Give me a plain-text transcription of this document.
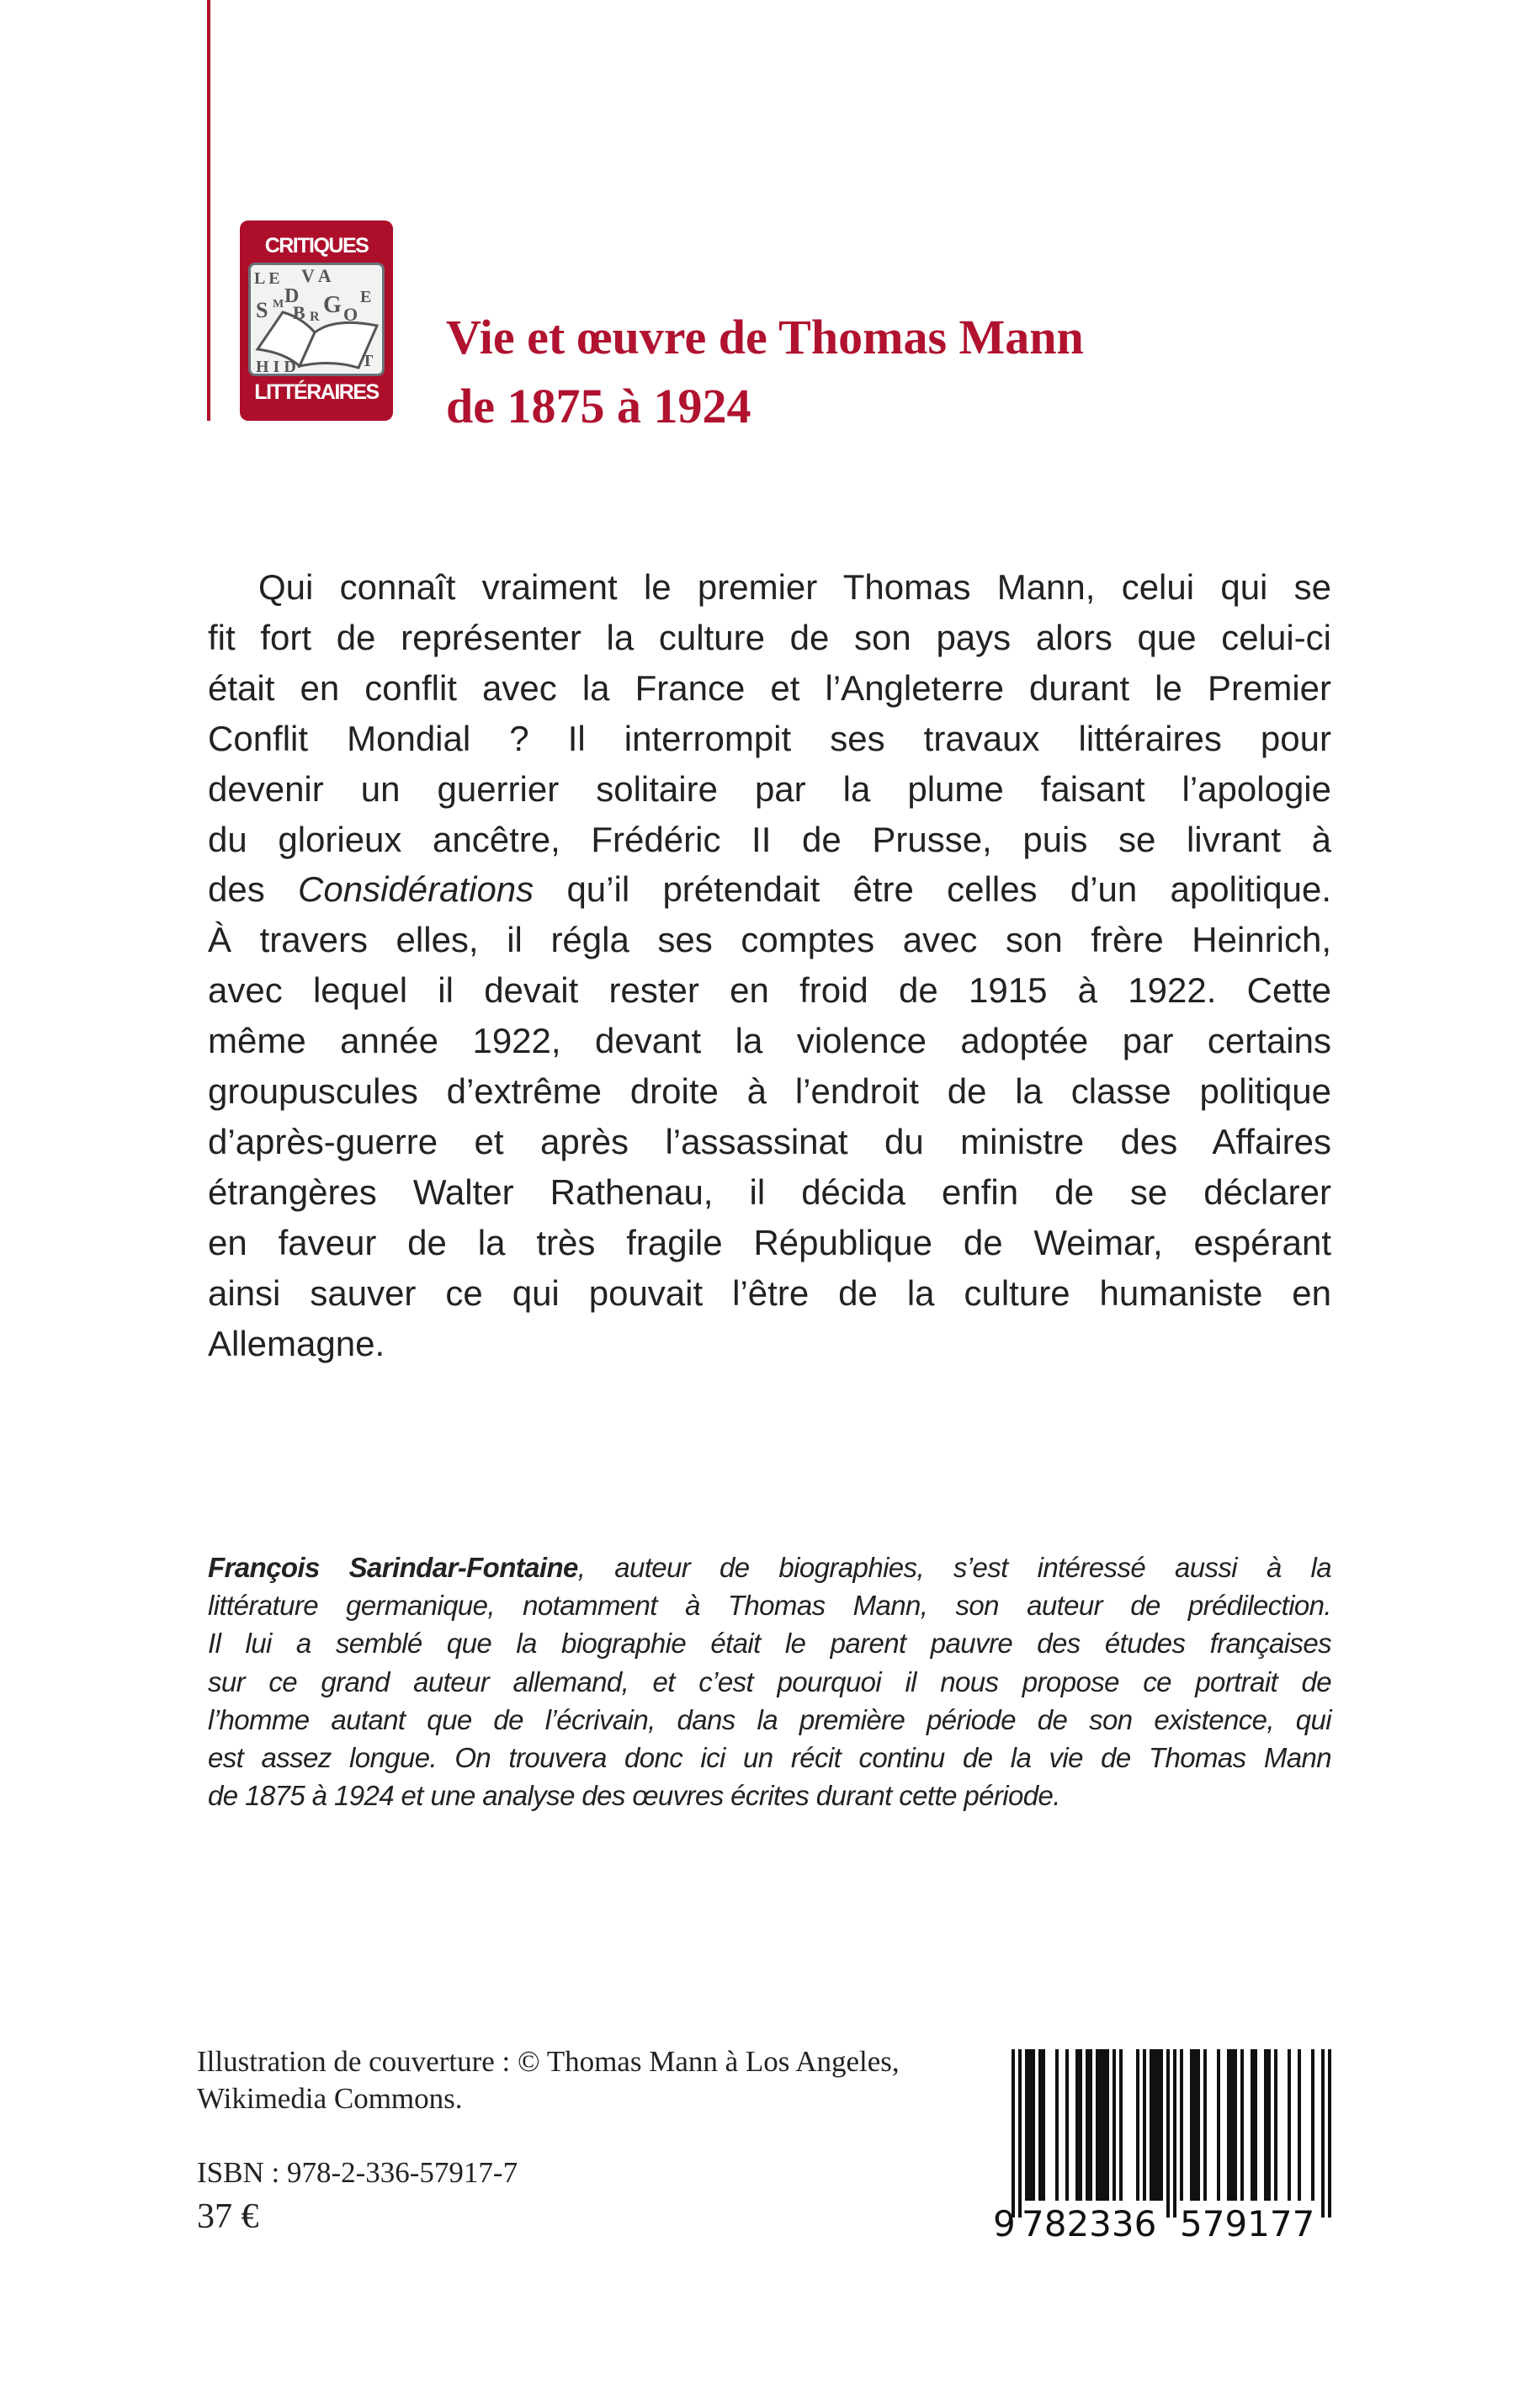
CRITIQUES
L E V A
D
S M B G E
R O
H I D	T
LITTÉRAIRES
Vie et œuvre de Thomas Mann
de 1875 à 1924
Qui connaît vraiment le premier Thomas Mann, celui qui se
fit fort de représenter la culture de son pays alors que celui-ci
était en conflit avec la France et l’Angleterre durant le Premier
Conflit Mondial ? Il interrompit ses travaux littéraires pour
devenir un guerrier solitaire par la plume faisant l’apologie
du glorieux ancêtre, Frédéric II de Prusse, puis se livrant à
des Considérations qu’il prétendait être celles d’un apolitique.
À travers elles, il régla ses comptes avec son frère Heinrich,
avec lequel il devait rester en froid de 1915 à 1922. Cette
même année 1922, devant la violence adoptée par certains
groupuscules d’extrême droite à l’endroit de la classe politique
d’après-guerre et après l’assassinat du ministre des Affaires
étrangères Walter Rathenau, il décida enfin de se déclarer
en faveur de la très fragile République de Weimar, espérant
ainsi sauver ce qui pouvait l’être de la culture humaniste en
Allemagne.
François Sarindar-Fontaine, auteur de biographies, s’est intéressé aussi à la
littérature germanique, notamment à Thomas Mann, son auteur de prédilection.
Il lui a semblé que la biographie était le parent pauvre des études françaises
sur ce grand auteur allemand, et c’est pourquoi il nous propose ce portrait de
l’homme autant que de l’écrivain, dans la première période de son existence, qui
est assez longue. On trouvera donc ici un récit continu de la vie de Thomas Mann
de 1875 à 1924 et une analyse des œuvres écrites durant cette période.
Illustration de couverture : © Thomas Mann à Los Angeles,
Wikimedia Commons.
ISBN : 978-2-336-57917-7
37 €	9 782336 579177
